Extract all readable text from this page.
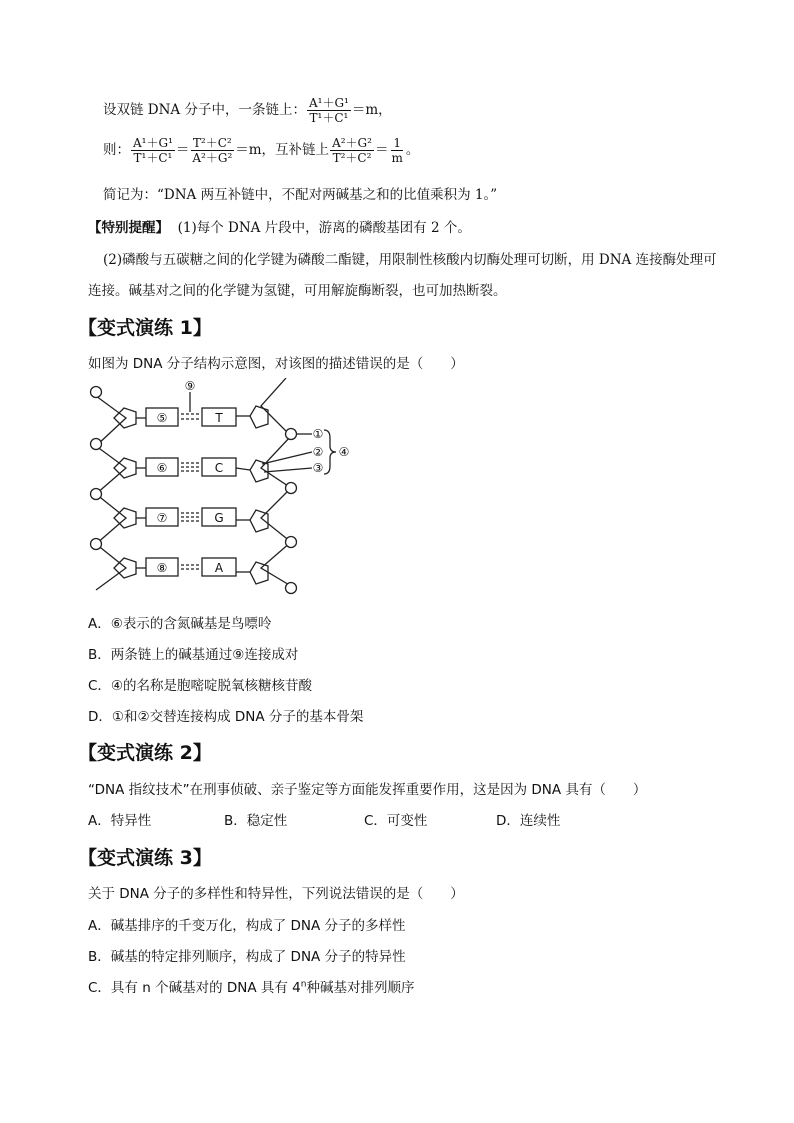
设双链 DNA 分子中，一条链上： $\frac{\text{A¹＋G¹}}{\text{T¹＋C¹}} =m$，
则： $\frac{\text{A¹＋G¹}}{\text{T¹＋C¹}} = \frac{\text{T²＋C²}}{\text{A²＋G²}} =m$，互补链上 $\frac{\text{A²＋G²}}{\text{T²＋C²}} = \frac{1}{m}$ 。
简记为：“DNA 两互补链中，不配对两碱基之和的比值乘积为 1。”
【特别提醒】 (1)每个 DNA 片段中，游离的磷酸基团有 2 个。
(2)磷酸与五碳糖之间的化学键为磷酸二酯键，用限制性核酸内切酶处理可切断，用 DNA 连接酶处理可
连接。碱基对之间的化学键为氢键，可用解旋酶断裂，也可加热断裂。
【变式演练 1】
如图为 DNA 分子结构示意图，对该图的描述错误的是（　　）
⑤
⑥
⑦
⑧
T
C
G
A
⑨
①
②
③
④
A．⑥表示的含氮碱基是鸟嘌呤
B．两条链上的碱基通过⑨连接成对
C．④的名称是胞嘧啶脱氧核糖核苷酸
D．①和②交替连接构成 DNA 分子的基本骨架
【变式演练 2】
“DNA 指纹技术”在刑事侦破、亲子鉴定等方面能发挥重要作用，这是因为 DNA 具有（　　）
A．特异性	B．稳定性	C．可变性	D．连续性
【变式演练 3】
关于 DNA 分子的多样性和特异性，下列说法错误的是（　　）
A．碱基排序的千变万化，构成了 DNA 分子的多样性
B．碱基的特定排列顺序，构成了 DNA 分子的特异性
C．具有 n 个碱基对的 DNA 具有 4$^n$种碱基对排列顺序
